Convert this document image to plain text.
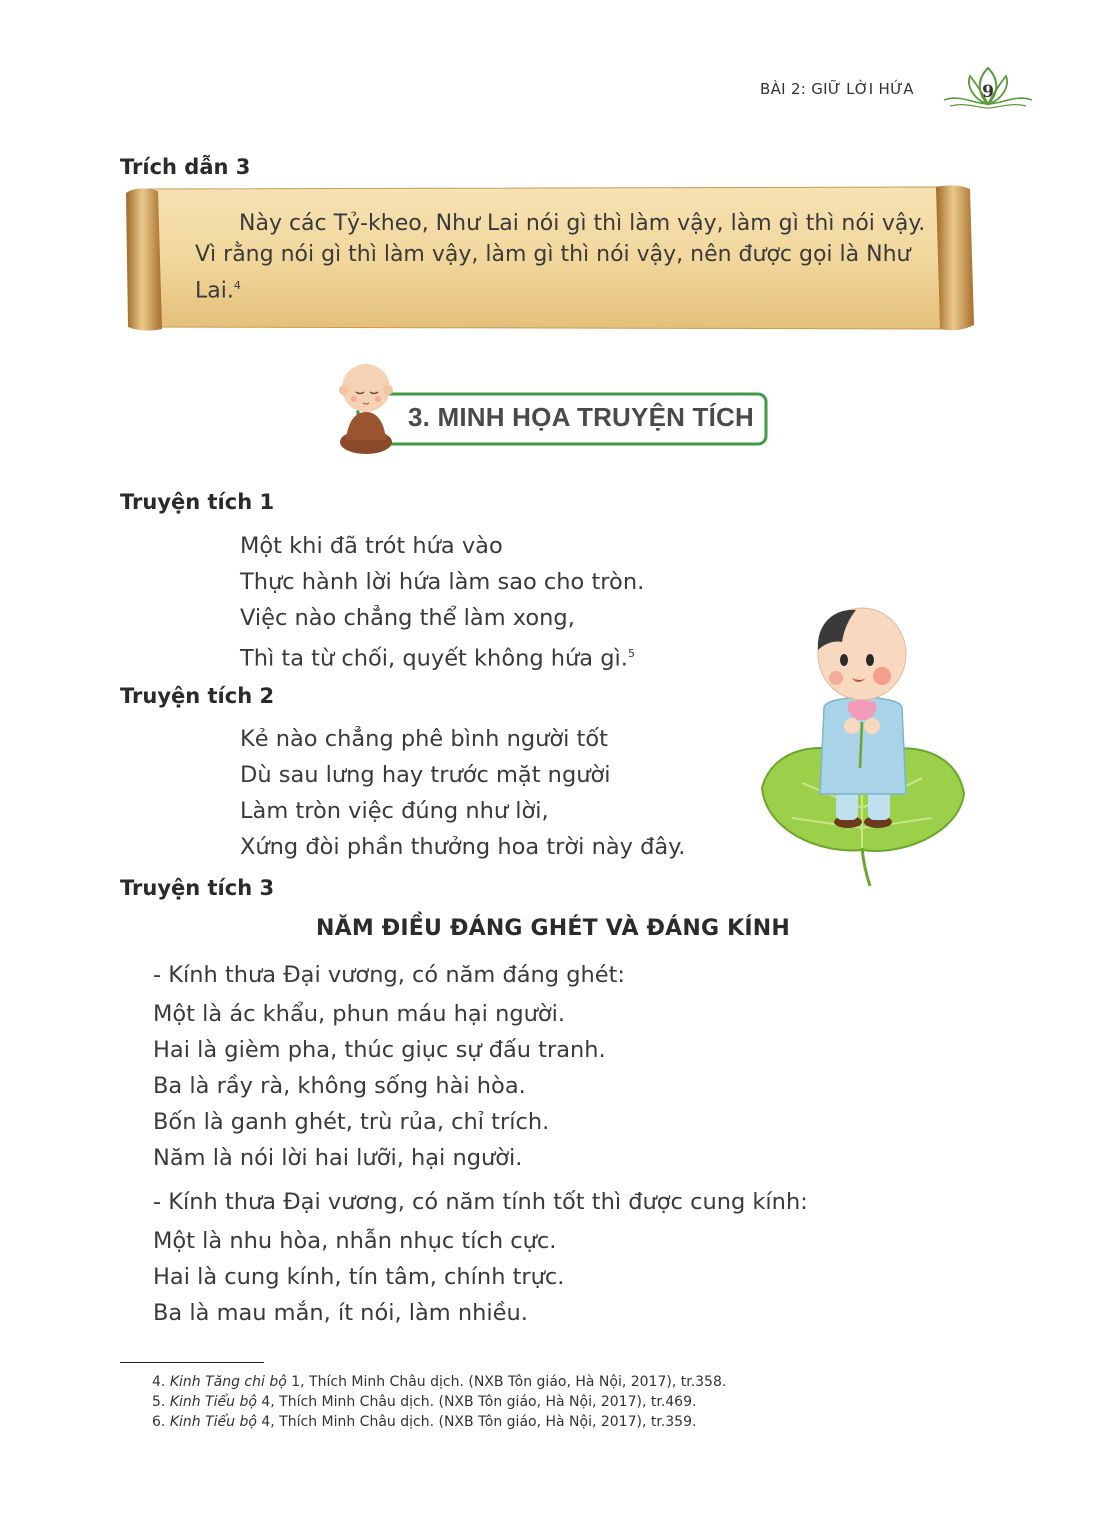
BÀI 2: GIỮ LỜI HỨA	9
Trích dẫn 3
Này các Tỷ-kheo, Như Lai nói gì thì làm vậy, làm gì thì nói vậy. Vì rằng nói gì thì làm vậy, làm gì thì nói vậy, nên được gọi là Như Lai.$^4$
3. MINH HỌA TRUYỆN TÍCH
Truyện tích 1
Một khi đã trót hứa vào
Thực hành lời hứa làm sao cho tròn.
Việc nào chẳng thể làm xong,
Thì ta từ chối, quyết không hứa gì.$^5$
Truyện tích 2
Kẻ nào chẳng phê bình người tốt
Dù sau lưng hay trước mặt người
Làm tròn việc đúng như lời,
Xứng đòi phần thưởng hoa trời này đây.
Truyện tích 3
NĂM ĐIỀU ĐÁNG GHÉT VÀ ĐÁNG KÍNH
- Kính thưa Đại vương, có năm đáng ghét:
Một là ác khẩu, phun máu hại người.
Hai là gièm pha, thúc giục sự đấu tranh.
Ba là rầy rà, không sống hài hòa.
Bốn là ganh ghét, trù rủa, chỉ trích.
Năm là nói lời hai lưỡi, hại người.
- Kính thưa Đại vương, có năm tính tốt thì được cung kính:
Một là nhu hòa, nhẫn nhục tích cực.
Hai là cung kính, tín tâm, chính trực.
Ba là mau mắn, ít nói, làm nhiều.
4. Kinh Tăng chi bộ 1, Thích Minh Châu dịch. (NXB Tôn giáo, Hà Nội, 2017), tr.358.
5. Kinh Tiểu bộ 4, Thích Minh Châu dịch. (NXB Tôn giáo, Hà Nội, 2017), tr.469.
6. Kinh Tiểu bộ 4, Thích Minh Châu dịch. (NXB Tôn giáo, Hà Nội, 2017), tr.359.
